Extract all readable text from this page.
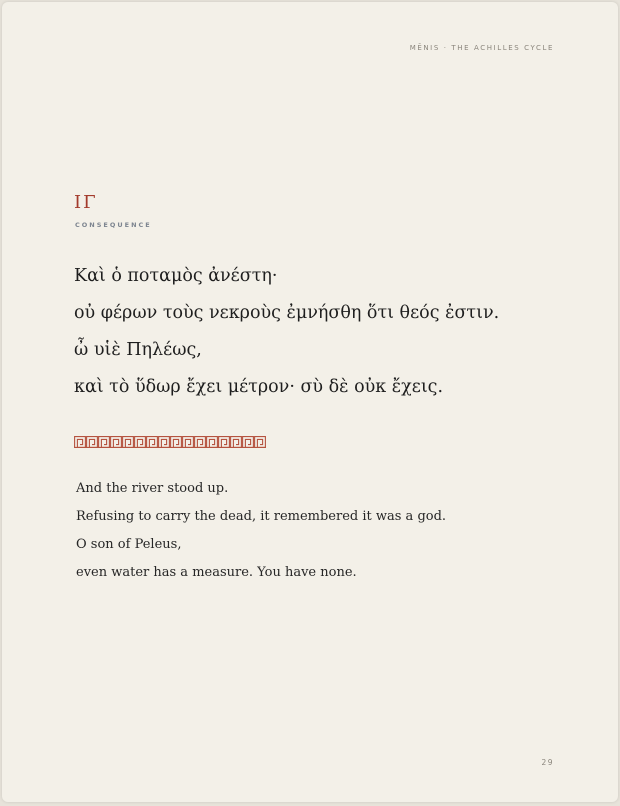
MĒNIS · THE ACHILLES CYCLE
ΙΓ
CONSEQUENCE
Καὶ ὁ ποταμὸς ἀνέστη·
οὐ φέρων τοὺς νεκροὺς ἐμνήσθη ὅτι θεός ἐστιν.
ὦ υἱὲ Πηλέως,
καὶ τὸ ὕδωρ ἔχει μέτρον· σὺ δὲ οὐκ ἔχεις.
And the river stood up.
Refusing to carry the dead, it remembered it was a god.
O son of Peleus,
even water has a measure. You have none.
29
